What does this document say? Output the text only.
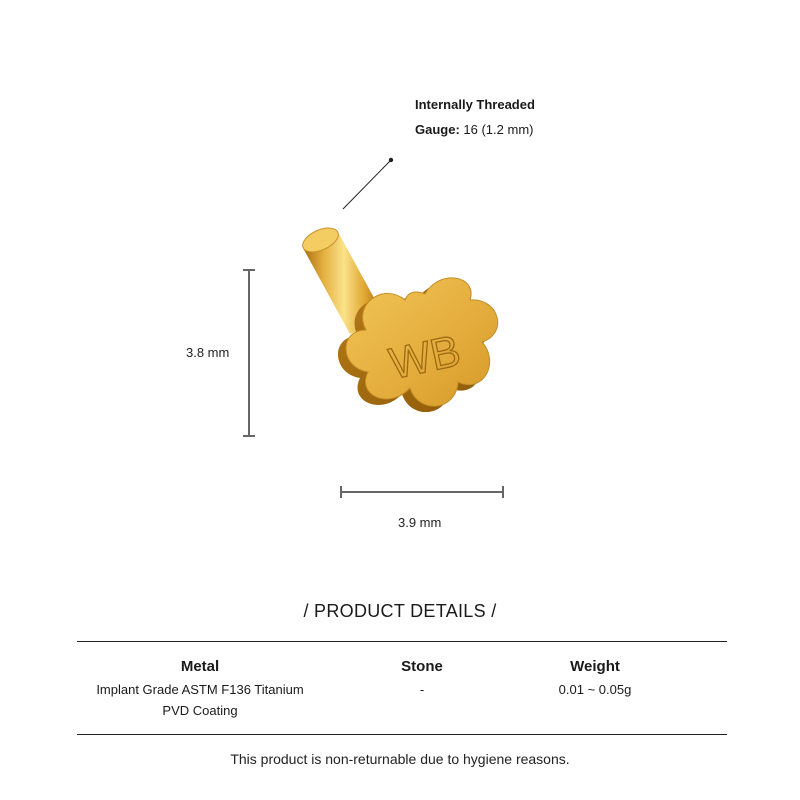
Internally Threaded
Gauge: 16 (1.2 mm)
WB
3.8 mm
3.9 mm
/ PRODUCT DETAILS /
Metal
Implant Grade ASTM F136 Titanium
PVD Coating
Stone
-
Weight
0.01 ~ 0.05g
This product is non-returnable due to hygiene reasons.
